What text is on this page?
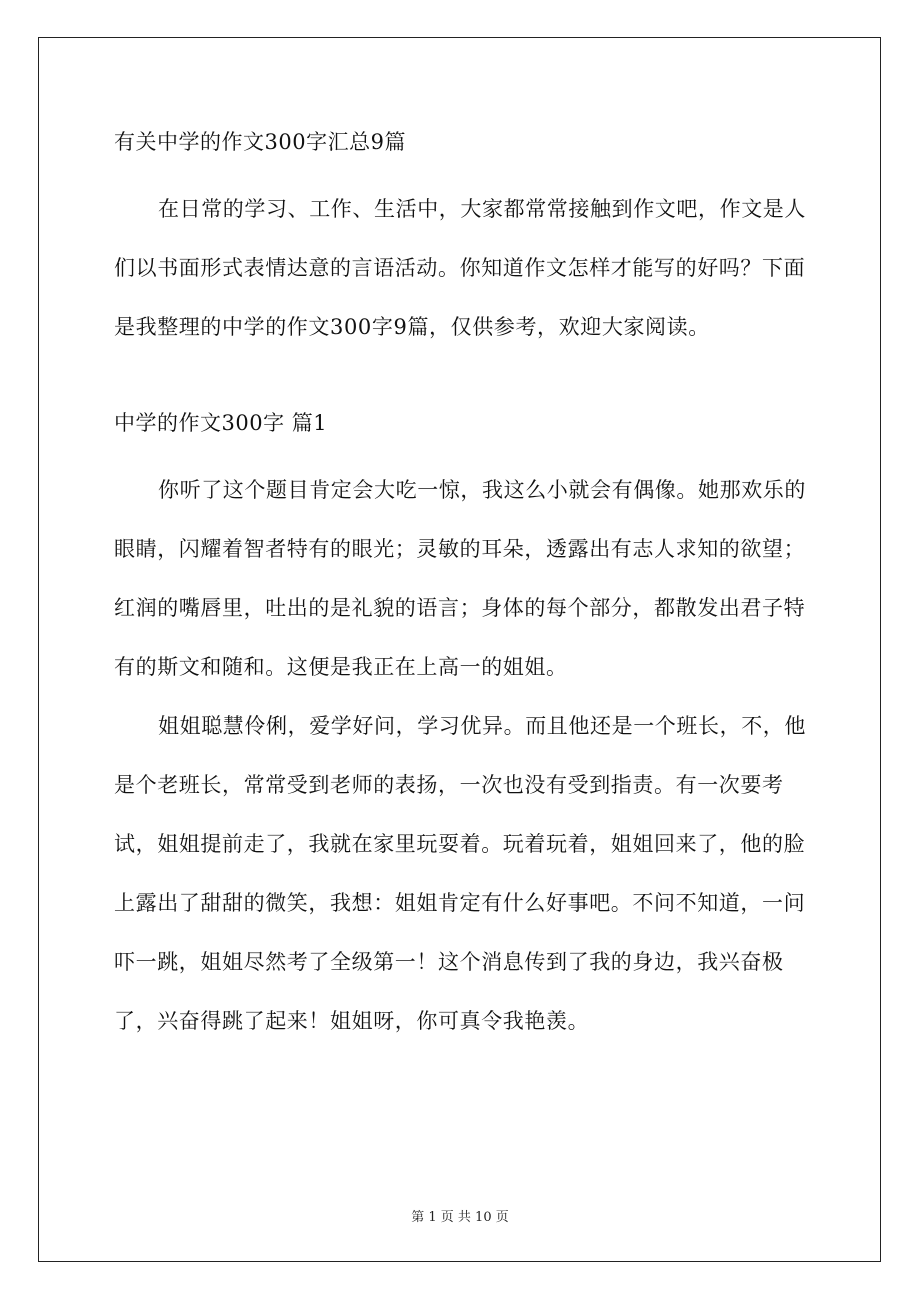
有关中学的作文300字汇总9篇

在日常的学习、工作、生活中，大家都常常接触到作文吧，作文是人们以书面形式表情达意的言语活动。你知道作文怎样才能写的好吗？下面是我整理的中学的作文300字9篇，仅供参考，欢迎大家阅读。

中学的作文300字 篇1

你听了这个题目肯定会大吃一惊，我这么小就会有偶像。她那欢乐的眼睛，闪耀着智者特有的眼光；灵敏的耳朵，透露出有志人求知的欲望；红润的嘴唇里，吐出的是礼貌的语言；身体的每个部分，都散发出君子特有的斯文和随和。这便是我正在上高一的姐姐。

姐姐聪慧伶俐，爱学好问，学习优异。而且他还是一个班长，不，他是个老班长，常常受到老师的表扬，一次也没有受到指责。有一次要考试，姐姐提前走了，我就在家里玩耍着。玩着玩着，姐姐回来了，他的脸上露出了甜甜的微笑，我想：姐姐肯定有什么好事吧。不问不知道，一问吓一跳，姐姐尽然考了全级第一！这个消息传到了我的身边，我兴奋极了，兴奋得跳了起来！姐姐呀，你可真令我艳羡。

第 1 页 共 10 页
